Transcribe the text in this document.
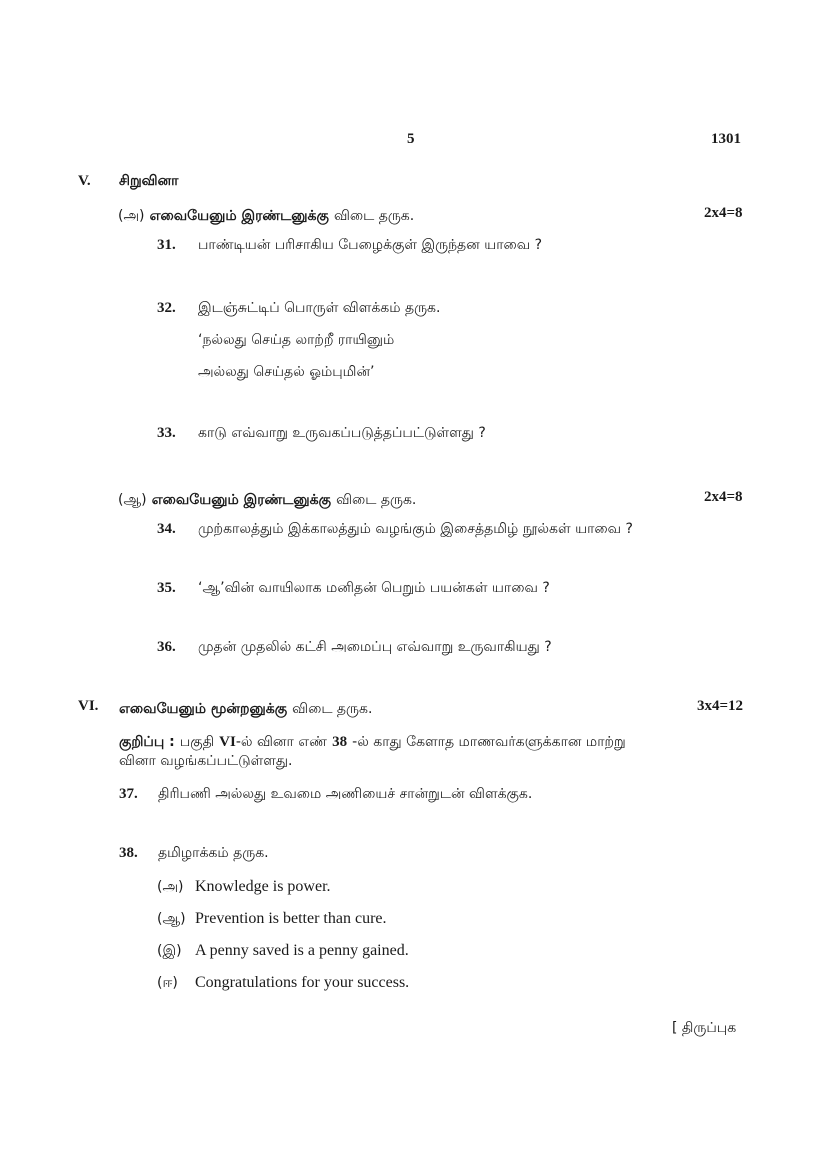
5	1301
V. சிறுவினா
(அ) எவையேனும் இரண்டனுக்கு விடை தருக.	2x4=8
31. பாண்டியன் பரிசாகிய பேழைக்குள் இருந்தன யாவை ?
32. இடஞ்சுட்டிப் பொருள் விளக்கம் தருக.
‘நல்லது செய்த லாற்றீ ராயினும்
அல்லது செய்தல் ஓம்புமின்’
33. காடு எவ்வாறு உருவகப்படுத்தப்பட்டுள்ளது ?
(ஆ) எவையேனும் இரண்டனுக்கு விடை தருக.	2x4=8
34. முற்காலத்தும் இக்காலத்தும் வழங்கும் இசைத்தமிழ் நூல்கள் யாவை ?
35. ‘ஆ’வின் வாயிலாக மனிதன் பெறும் பயன்கள் யாவை ?
36. முதன் முதலில் கட்சி அமைப்பு எவ்வாறு உருவாகியது ?
VI. எவையேனும் மூன்றனுக்கு விடை தருக.	3x4=12
குறிப்பு : பகுதி VI-ல் வினா எண் 38 -ல் காது கேளாத மாணவர்களுக்கான மாற்று
வினா வழங்கப்பட்டுள்ளது.
37. திரிபணி அல்லது உவமை அணியைச் சான்றுடன் விளக்குக.
38. தமிழாக்கம் தருக.
(அ) Knowledge is power.
(ஆ) Prevention is better than cure.
(இ) A penny saved is a penny gained.
(ஈ) Congratulations for your success.
[ திருப்புக
